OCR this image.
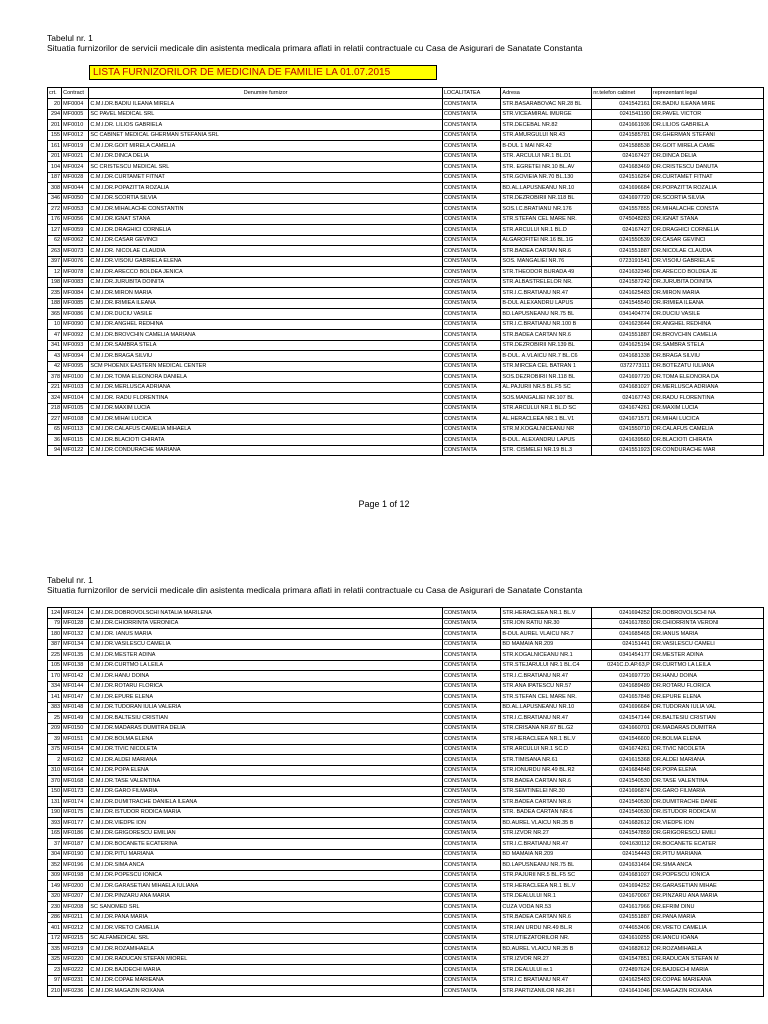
Tabelul nr. 1
Situatia furnizorilor de servicii medicale din asistenta medicala primara aflati in relatii contractuale cu Casa de Asigurari de Sanatate Constanta
LISTA FURNIZORILOR DE MEDICINA DE FAMILIE LA 01.07.2015
crt.	Contract	Denumire furnizor	LOCALITATEA	Adresa	nr.telefon cabinet	reprezentant legal
20	MF0004	C.M.I.DR.BADIU ILEANA MIRELA	CONSTANTA	STR.BASARABOVAC NR.28 BL	0241542161	DR.BADIU ILEANA MIRE
294	MF0005	SC PAVEL MEDICAL SRL	CONSTANTA	STR.VICEAMIRAL IMURGE	0241541190	DR.PAVEL VICTOR
201	MF0010	C.M.I.DR. LILIOS GABRIELA	CONSTANTA	STR.DECEBAL NR.82	0241661936	DR.LILIOS GABRIELA
155	MF0012	SC CABINET MEDICAL GHERMAN STEFANIA SRL	CONSTANTA	STR.AMURGULUI NR.43	0241585781	DR.GHERMAN STEFANI
161	MF0019	C.M.I.DR.GOIT MIRELA CAMELIA	CONSTANTA	B-DUL 1 MAI NR.42	0241588538	DR.GOIT MIRELA CAME
201	MF0021	C.M.I.DR.DINCA DELIA	CONSTANTA	STR. ARCULUI NR.1 BL.D1	024167427	DR.DINCA DELIA
104	MF0024	SC CRISTESCU MEDICAL SRL	CONSTANTA	STR. EGRETEI NR.10 BL.AV	0241683469	DR.CRISTESCU DANUTA
187	MF0028	C.M.I.DR.CURTAMET FITNAT	CONSTANTA	STR.GOVIEIA NR.70 BL.130	0241516264	DR.CURTAMET FITNAT
308	MF0044	C.M.I.DR.POPAZITTA ROZALIA	CONSTANTA	BD.AL.LAPUSNEANU NR.10	0241696684	DR.POPAZITTA ROZALIA
346	MF0050	C.M.I.DR.SCORTIA SILVIA	CONSTANTA	STR.DEZROBIRII NR.118 BL	0241697720	DR.SCORTIA SILVIA
272	MF0053	C.M.I.DR.MIHALACHE CONSTANTIN	CONSTANTA	SOS.I.C.BRATIANU NR.176	0241557855	DR.MIHALACHE CONSTA
176	MF0056	C.M.I.DR.IGNAT STANA	CONSTANTA	STR.STEFAN CEL MARE NR.	0745048283	DR.IGNAT STANA
127	MF0059	C.M.I.DR.DRAGHICI CORNELIA	CONSTANTA	STR.ARCULUI NR.1 BL.D	024167427	DR.DRAGHICI CORNELIA
62	MF0062	C.M.I.DR.CASAR GEVINCI	CONSTANTA	ALGAROFITEI NR.16 BL.1G	0241550539	DR.CASAR GEVINCI
263	MF0073	C.M.I.DR. NICOLAE CLAUDIA	CONSTANTA	STR.BADEA CARTAN NR.6	0241551887	DR.NICOLAE CLAUDIA
397	MF0076	C.M.I.DR.VISOIU GABRIELA ELENA	CONSTANTA	SOS. MANGALIEI NR.76	0723191541	DR.VISOIU GABRIELA E
12	MF0078	C.M.I.DR.ARECCO BOLDEA JENICA	CONSTANTA	STR.THEODOR BURADA 49	0241632346	DR.ARECCO BOLDEA JE
198	MF0083	C.M.I.DR.JURUBITA DOINITA	CONSTANTA	STR.ALBASTRELELOR NR.	0241587242	DR.JURUBITA DOINITA
235	MF0084	C.M.I.DR.MIRON MARIA	CONSTANTA	STR.I.C.BRATIANU NR.47	0241625483	DR.MIRON MARIA
188	MF0085	C.M.I.DR.IRIMIEA ILEANA	CONSTANTA	B-DUL ALEXANDRU LAPUS	0241545540	DR.IRIMIEA ILEANA
365	MF0086	C.M.I.DR.DUCIU VASILE	CONSTANTA	BD.LAPUSNEANU NR.75 BL	0341404774	DR.DUCIU VASILE
10	MF0090	C.M.I.DR.ANGHEL REDHINA	CONSTANTA	STR.I.C.BRATIANU NR.100 B	0241623644	DR.ANGHEL REDHINA
47	MF0092	C.M.I.DR.BROVCHIN CAMELIA MARIANA	CONSTANTA	STR.BADEA CARTAN NR.6	0241551887	DR.BROVCHIN CAMELIA
341	MF0093	C.M.I.DR.SAMBRA STELA	CONSTANTA	STR.DEZROBIRII NR.139 BL	0241625194	DR.SAMBRA STELA
43	MF0094	C.M.I.DR.BRAGA SILVIU	CONSTANTA	B-DUL. A.VLAICU NR.7 BL.C6	0241681338	DR.BRAGA SILVIU
42	MF0095	SCM PHOENIX EASTERN MEDICAL CENTER	CONSTANTA	STR.MIRCEA CEL BATRAN 1	0372773111	DR.BOTEZATU IULIANA
378	MF0100	C.M.I.DR.TOMA ELEONORA DANIELA	CONSTANTA	SOS.DEZROBIRII NR.118 BL	0241697720	DR.TOMA ELEONORA DA
221	MF0103	C.M.I.DR.MERLUSCA ADRIANA	CONSTANTA	AL.PAJURII NR.5 BL.F5 SC	0241681027	DR.MERLUSCA ADRIANA
324	MF0104	C.M.I.DR. RADU FLORENTINA	CONSTANTA	SOS.MANGALIEI NR.107 BL	024167743	DR.RADU FLORENTINA
218	MF0105	C.M.I.DR.MAXIM LUCIA	CONSTANTA	STR.ARCULUI NR.1 BL.D SC	0241674261	DR.MAXIM LUCIA
227	MF0108	C.M.I.DR.MIHAI LUCICA	CONSTANTA	AL.HERACLEEA NR.1 BL.V1	0241671571	DR.MIHAI LUCICA
65	MF0113	C.M.I.DR.CALAFUS CAMELIA MIHAELA	CONSTANTA	STR.M.KOGALNICEANU NR	0241550710	DR.CALAFUS CAMELIA
36	MF0115	C.M.I.DR.BLACIOTI CHIRATA	CONSTANTA	B-DUL. ALEXANDRU LAPUS	0241639560	DR.BLACIOTI CHIRATA
94	MF0122	C.M.I.DR.CONDURACHE MARIANA	CONSTANTA	STR. CISMELEI NR.19 BL.3	0241551923	DR.CONDURACHE MAR
Page 1 of 12
Tabelul nr. 1
Situatia furnizorilor de servicii medicale din asistenta medicala primara aflati in relatii contractuale cu Casa de Asigurari de Sanatate Constanta
124	MF0124	C.M.I.DR.DOBROVOLSCHI NATALIA MARILENA	CONSTANTA	STR.HERACLEEA NR.1 BL.V	0241694252	DR.DOBROVOLSCHI NA
79	MF0128	C.M.I.DR.CHIORRINTA VERONICA	CONSTANTA	STR.ION RATIU NR.30	0241617850	DR.CHIORRINTA VERONI
180	MF0132	C.M.I.DR. IANUS MARIA	CONSTANTA	B-DUL AUREL VLAICU NR.7	0241685465	DR.IANUS MARIA
387	MF0134	C.M.I.DR.VASILESCU CAMELIA	CONSTANTA	BD MAMAIA NR.209	024151441	DR.VASILESCU CAMELI
225	MF0135	C.M.I.DR.MESTER ADINA	CONSTANTA	STR.KOGALNICEANU NR.1	0341454177	DR.MESTER ADINA
105	MF0138	C.M.I.DR.CURTMO LA LEILA	CONSTANTA	STR.STEJARULUI NR.1 BL.C4	0241C.D.AP.63,P	DR.CURTMO LA LEILA
170	MF0142	C.M.I.DR.HANU DOINA	CONSTANTA	STR.I.C.BRATIANU NR.47	0241697720	DR.HANU DOINA
334	MF0144	C.M.I.DR.ROTARU FLORICA	CONSTANTA	STR.ANA IPATESCU NR.57	0241689489	DR.ROTARU FLORICA
141	MF0147	C.M.I.DR.EPURE ELENA	CONSTANTA	STR.STEFAN CEL MARE NR.	0241657848	DR.EPURE ELENA
383	MF0148	C.M.I.DR.TUDORAN IULIA VALERIA	CONSTANTA	BD.AL.LAPUSNEANU NR.10	0241696684	DR.TUDORAN IULIA VAL
25	MF0149	C.M.I.DR.BALTESIU CRISTIAN	CONSTANTA	STR.I.C.BRATIANU NR.47	0241547144	DR.BALTESIU CRISTIAN
209	MF0150	C.M.I.DR.MADARAS DUMITRA DELIA	CONSTANTA	STR.CRISANA NR.67 BL.G2	0241660701	DR.MADARAS DUMITRA
39	MF0151	C.M.I.DR.BOLMA ELENA	CONSTANTA	STR.HERACLEEA NR.1 BL.V	0241546600	DR.BOLMA ELENA
375	MF0154	C.M.I.DR.TIVIC NICOLETA	CONSTANTA	STR.ARCULUI NR.1 SC.D	0241674261	DR.TIVIC NICOLETA
2	MF0162	C.M.I.DR.ALDEI MARIANA	CONSTANTA	STR.TIMISANA NR.61	0241615368	DR.ALDEI MARIANA
310	MF0164	C.M.I.DR.POPA ELENA	CONSTANTA	STR.IONURDU NR.49 BL.R2	0241684848	DR.POPA ELENA
370	MF0168	C.M.I.DR.TASE VALENTINA	CONSTANTA	STR.BADEA CARTAN NR.6	0241540530	DR.TASE VALENTINA
150	MF0173	C.M.I.DR.GARO FILMARIA	CONSTANTA	STR.SEMTINELEI NR.30	0241696874	DR.GARO FILMARIA
131	MF0174	C.M.I.DR.DUMITRACHE DANIELA ILEANA	CONSTANTA	STR.BADEA CARTAN NR.6	0241540530	DR.DUMITRACHE DANIE
190	MF0175	C.M.I.DR.ISTUDOR RODICA MARIA	CONSTANTA	STR. BADEA CARTAN NR.6	0241540530	DR.ISTUDOR RODICA M
393	MF0177	C.M.I.DR.VIEDPE ION	CONSTANTA	BD.AUREL VLAICU NR.35 B	0241682612	DR.VIEDPE ION
165	MF0186	C.M.I.DR.GRIGORESCU EMILIAN	CONSTANTA	STR.IZVOR NR.27	0241547859	DR.GRIGORESCU EMILI
37	MF0187	C.M.I.DR.BOCANETE ECATERINA	CONSTANTA	STR.I.C.BRATIANU NR.47	0241630112	DR.BOCANETE ECATER
304	MF0190	C.M.I.DR.PITU MARIANA	CONSTANTA	BD MAMAIA NR.209	024154443	DR.PITU MARIANA
352	MF0196	C.M.I.DR.SIMA ANCA	CONSTANTA	BD.LAPUSNEANU NR.75 BL	0241631464	DR.SIMA ANCA
309	MF0198	C.M.I.DR.POPESCU IONICA	CONSTANTA	STR.PAJURII NR.5 BL.F5 SC	0241681027	DR.POPESCU IONICA
149	MF0200	C.M.I.DR.GARASETIAN MIHAELA IULIANA	CONSTANTA	STR.HERACLEEA NR.1 BL.V	0241694252	DR.GARASETIAN MIHAE
320	MF0207	C.M.I.DR.PINZARU ANA MARIA	CONSTANTA	STR.DEALULUI NR.1	0241670067	DR.PINZARU ANA MARIA
230	MF0208	SC SANOMED SRL	CONSTANTA	CUZA VODA NR.53	0241617966	DR.EFRIM DINU
286	MF0211	C.M.I.DR.PANA MARIA	CONSTANTA	STR.BADEA CARTAN NR.6	0241551887	DR.PANA MARIA
401	MF0212	C.M.I.DR.VRETO CAMELIA	CONSTANTA	STR.IAN URDU NR.49 BL.R	0744653406	DR.VRETO CAMELIA
172	MF0215	SC ALFAMEDICAL SRL	CONSTANTA	STR.UTIEZATORILOR NR.	0241610255	DR.IANCU IOANA
335	MF0219	C.M.I.DR.ROZAMIHAELA	CONSTANTA	BD.AUREL VLAICU NR.35 B	0241682612	DR.ROZAMIHAELA
325	MF0220	C.M.I.DR.RADUCAN STEFAN MIOREL	CONSTANTA	STR.IZVOR NR.27	0241547851	DR.RADUCAN STEFAN M
23	MF0222	C.M.I.DR.BAJDECHI MARIA	CONSTANTA	STR.DEALULUI nr.1	0724897624	DR.BAJDECHI MARIA
97	MF0231	C.M.I.DR.COPAE MARIEANA	CONSTANTA	STR.I.C BRATIANU NR.47	0241625483	DR.COPAE MARIEANA
210	MF0236	C.M.I.DR.MAGAZIN ROXANA	CONSTANTA	STR.PARTIZANILOR NR.26 I	0241641046	DR.MAGAZIN ROXANA
